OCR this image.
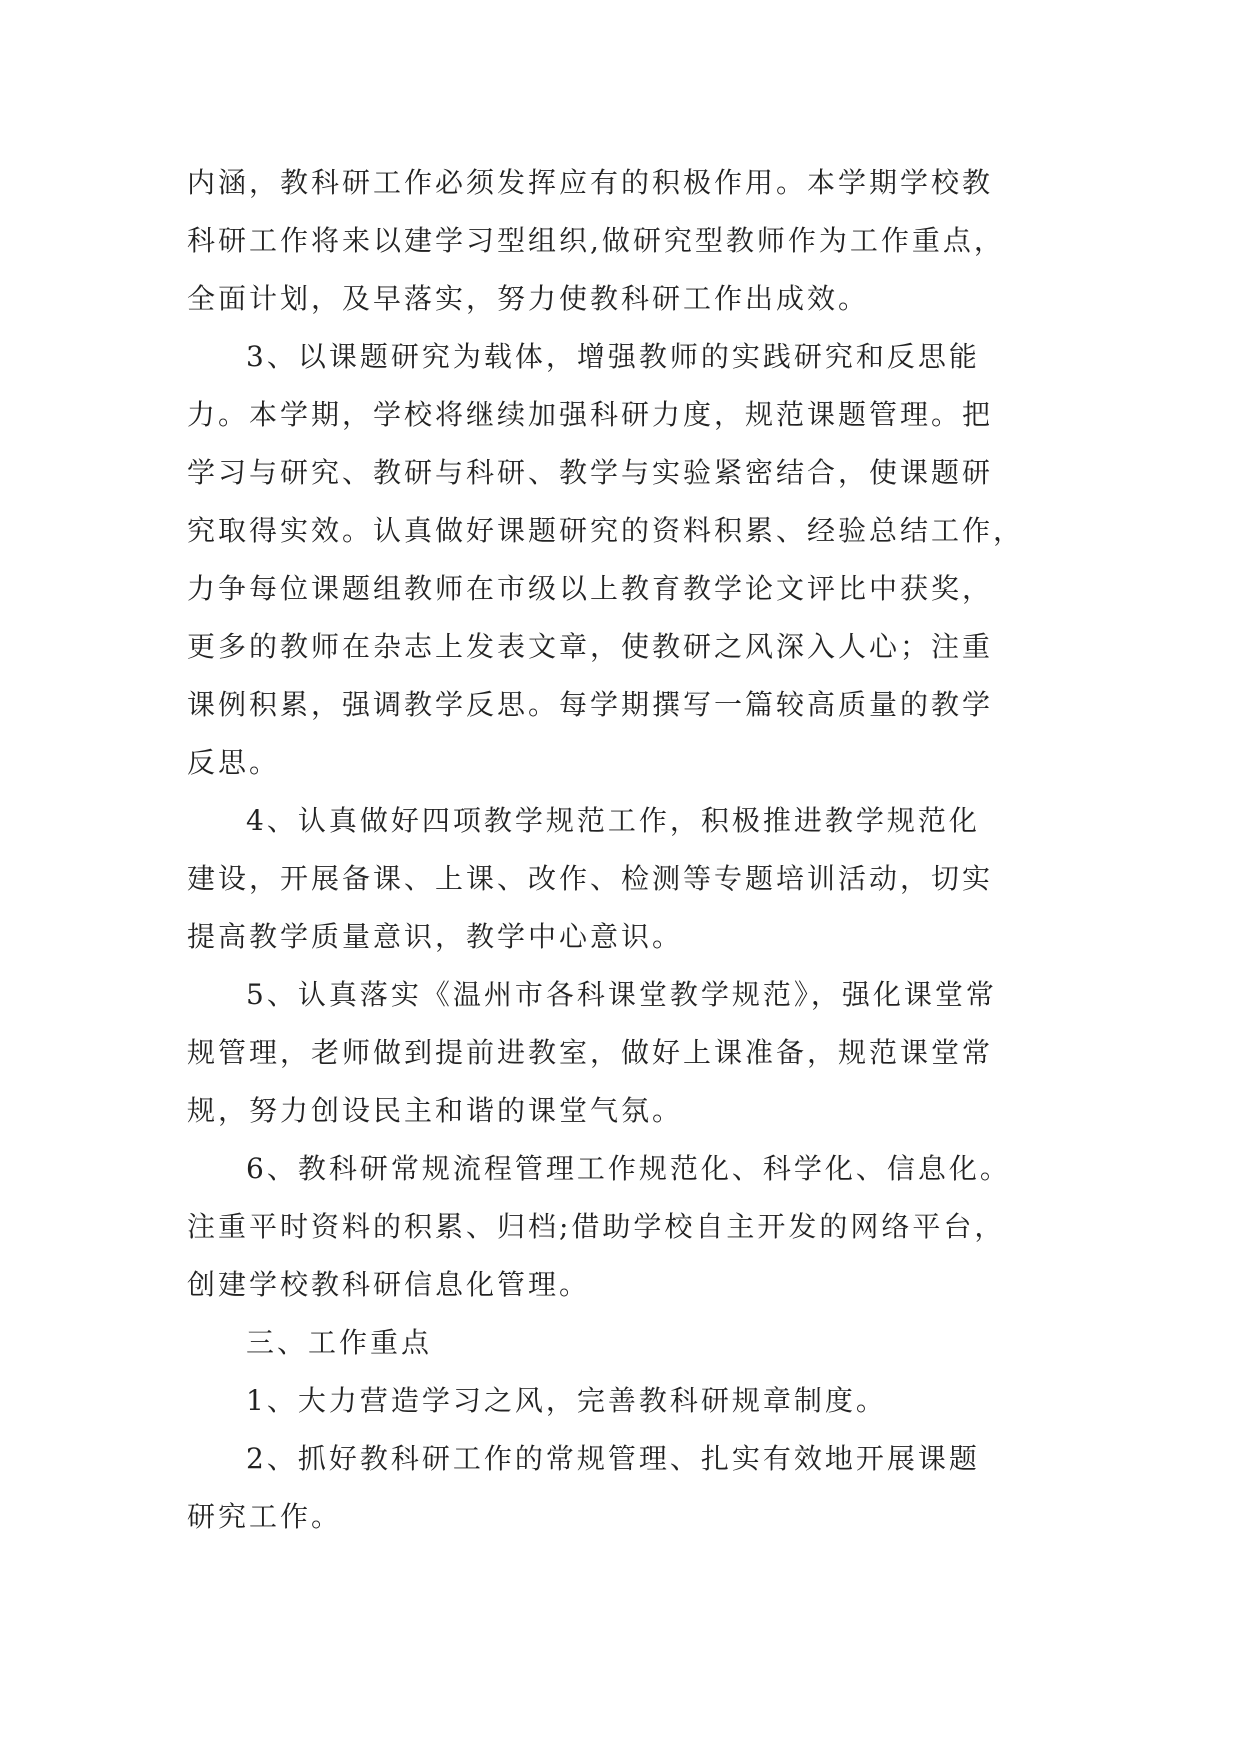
内涵，教科研工作必须发挥应有的积极作用。本学期学校教
科研工作将来以建学习型组织,做研究型教师作为工作重点，
全面计划，及早落实，努力使教科研工作出成效。
3、以课题研究为载体，增强教师的实践研究和反思能
力。本学期，学校将继续加强科研力度，规范课题管理。把
学习与研究、教研与科研、教学与实验紧密结合，使课题研
究取得实效。认真做好课题研究的资料积累、经验总结工作，
力争每位课题组教师在市级以上教育教学论文评比中获奖，
更多的教师在杂志上发表文章，使教研之风深入人心；注重
课例积累，强调教学反思。每学期撰写一篇较高质量的教学
反思。
4、认真做好四项教学规范工作，积极推进教学规范化
建设，开展备课、上课、改作、检测等专题培训活动，切实
提高教学质量意识，教学中心意识。
5、认真落实《温州市各科课堂教学规范》，强化课堂常
规管理，老师做到提前进教室，做好上课准备，规范课堂常
规，努力创设民主和谐的课堂气氛。
6、教科研常规流程管理工作规范化、科学化、信息化。
注重平时资料的积累、归档;借助学校自主开发的网络平台，
创建学校教科研信息化管理。
三、工作重点
1、大力营造学习之风，完善教科研规章制度。
2、抓好教科研工作的常规管理、扎实有效地开展课题
研究工作。
